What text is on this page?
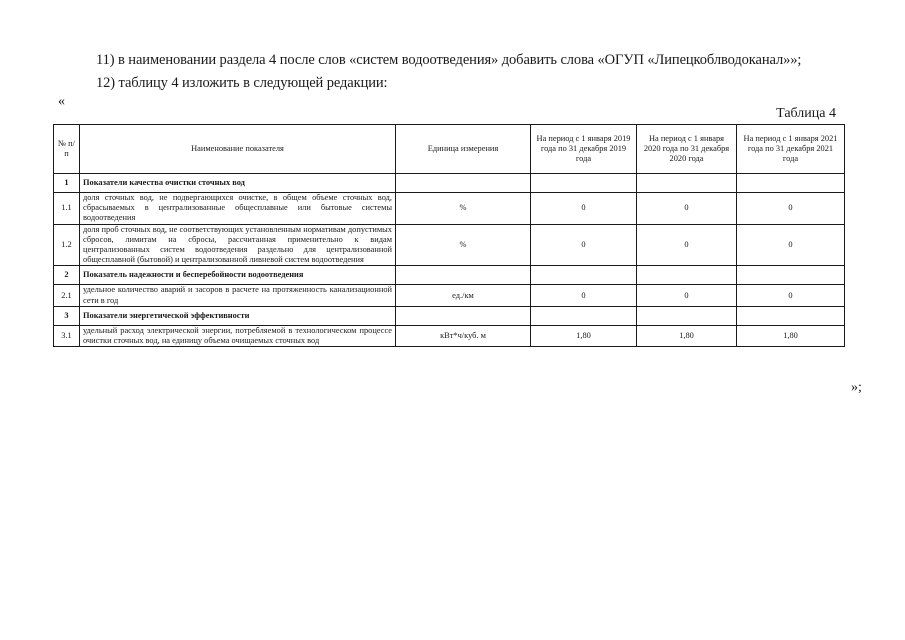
11) в наименовании раздела 4 после слов «систем водоотведения» добавить слова «ОГУП «Липецкоблводоканал»»;
12) таблицу 4 изложить в следующей редакции:
«
Таблица 4
№ п/п	Наименование показателя	Единица измерения	На период с 1 января 2019 года по 31 декабря 2019 года	На период с 1 января 2020 года по 31 декабря 2020 года	На период с 1 января 2021 года по 31 декабря 2021 года
1	Показатели качества очистки сточных вод				
1.1	доля сточных вод, не подвергающихся очистке, в общем объеме сточных вод, сбрасываемых в централизованные общесплавные или бытовые системы водоотведения	%	0	0	0
1.2	доля проб сточных вод, не соответствующих установленным нормативам допустимых сбросов, лимитам на сбросы, рассчитанная применительно к видам централизованных систем водоотведения раздельно для централизованной общесплавной (бытовой) и централизованной ливневой систем водоотведения	%	0	0	0
2	Показатель надежности и бесперебойности водоотведения				
2.1	удельное количество аварий и засоров в расчете на протяженность канализационной сети в год	ед./км	0	0	0
3	Показатели энергетической эффективности				
3.1	удельный расход электрической энергии, потребляемой в технологическом процессе очистки сточных вод, на единицу объема очищаемых сточных вод	кВт*ч/куб. м	1,80	1,80	1,80
»;
